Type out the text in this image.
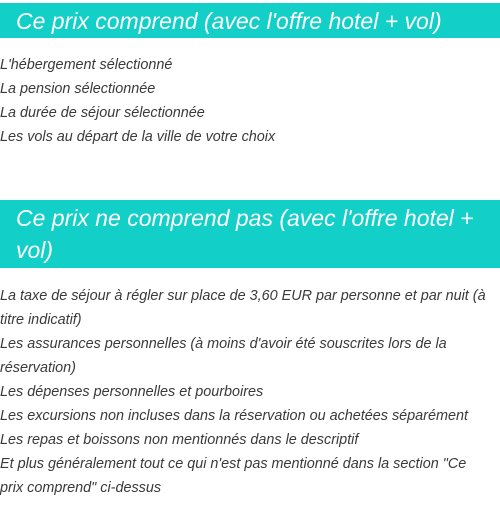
Ce prix comprend (avec l'offre hotel + vol)
L'hébergement sélectionné
La pension sélectionnée
La durée de séjour sélectionnée
Les vols au départ de la ville de votre choix
Ce prix ne comprend pas (avec l'offre hotel + vol)
La taxe de séjour à régler sur place de 3,60 EUR par personne et par nuit (à titre indicatif)
Les assurances personnelles (à moins d'avoir été souscrites lors de la réservation)
Les dépenses personnelles et pourboires
Les excursions non incluses dans la réservation ou achetées séparément
Les repas et boissons non mentionnés dans le descriptif
Et plus généralement tout ce qui n'est pas mentionné dans la section "Ce prix comprend" ci-dessus
